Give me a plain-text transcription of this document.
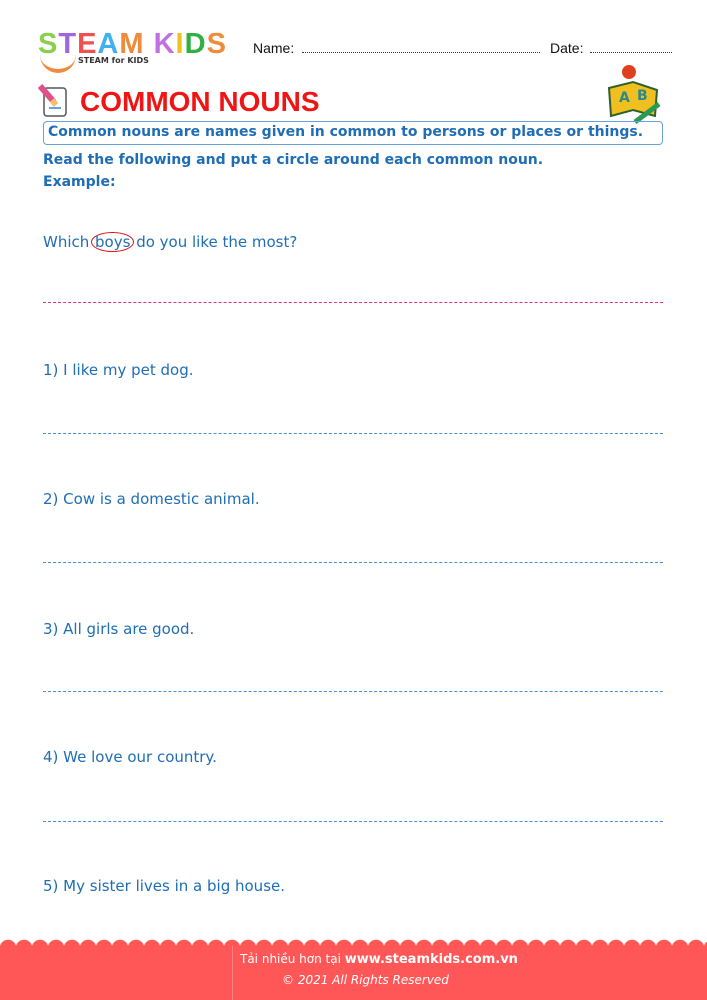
STEAM KIDS
STEAM for KIDS
Name:	Date:
COMMON NOUNS	A B
Common nouns are names given in common to persons or places or things.
Read the following and put a circle around each common noun.
Example:
Which boys do you like the most?
1) I like my pet dog.
2) Cow is a domestic animal.
3) All girls are good.
4) We love our country.
5) My sister lives in a big house.
Tải nhiều hơn tại www.steamkids.com.vn
© 2021 All Rights Reserved
